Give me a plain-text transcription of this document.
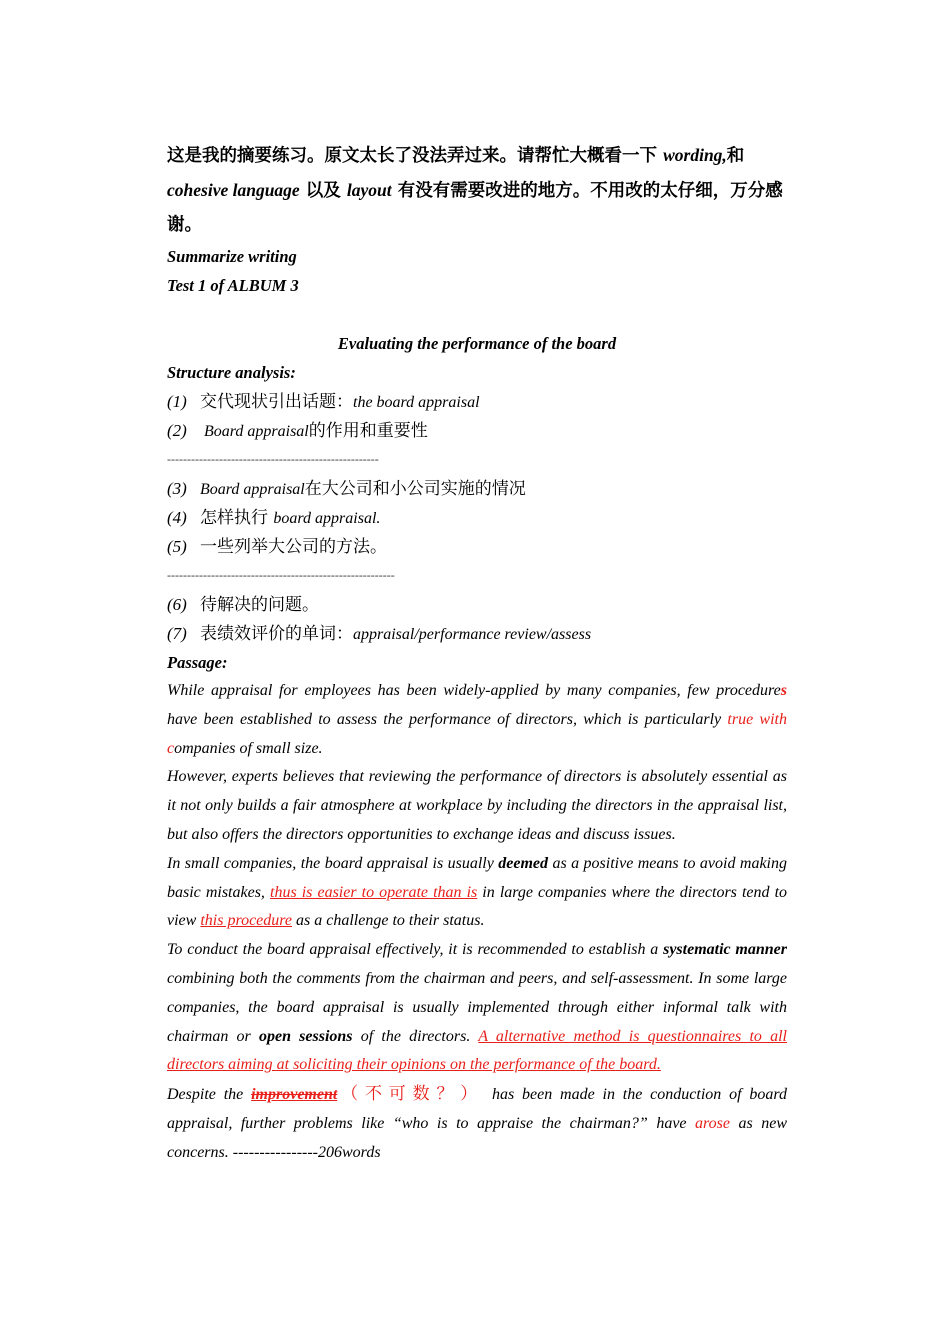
这是我的摘要练习。原文太长了没法弄过来。请帮忙大概看一下 wording,和
cohesive language 以及 layout 有没有需要改进的地方。不用改的太仔细，万分感谢。

Summarize writing

Test 1 of ALBUM 3

Evaluating the performance of the board

Structure analysis:

(1) 交代现状引出话题：the board appraisal

(2) Board appraisal的作用和重要性

-----------------------------------------------------

(3) Board appraisal在大公司和小公司实施的情况

(4) 怎样执行 board appraisal.

(5) 一些列举大公司的方法。

---------------------------------------------------------

(6) 待解决的问题。

(7) 表绩效评价的单词：appraisal/performance review/assess

Passage:

While appraisal for employees has been widely-applied by many companies, few procedures have been established to assess the performance of directors, which is particularly true with companies of small size.

However, experts believes that reviewing the performance of directors is absolutely essential as it not only builds a fair atmosphere at workplace by including the directors in the appraisal list, but also offers the directors opportunities to exchange ideas and discuss issues.

In small companies, the board appraisal is usually deemed as a positive means to avoid making basic mistakes, thus is easier to operate than is in large companies where the directors tend to view this procedure as a challenge to their status.

To conduct the board appraisal effectively, it is recommended to establish a systematic manner combining both the comments from the chairman and peers, and self-assessment. In some large companies, the board appraisal is usually implemented through either informal talk with chairman or open sessions of the directors. A alternative method is questionnaires to all directors aiming at soliciting their opinions on the performance of the board.

Despite the improvement（不可数？） has been made in the conduction of board appraisal, further problems like “who is to appraise the chairman?” have arose as new concerns. ----------------206words
